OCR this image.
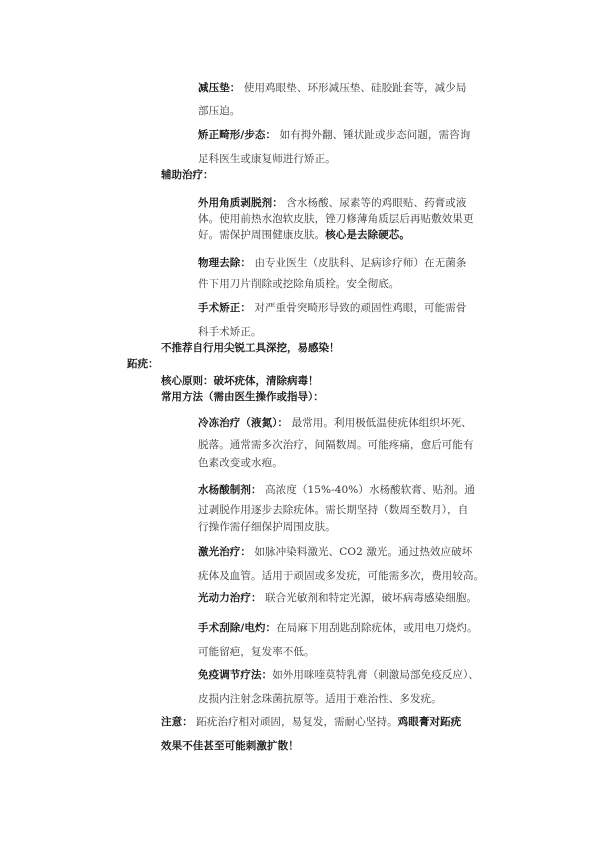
减压垫： 使用鸡眼垫、环形减压垫、硅胶趾套等，减少局
部压迫。
矫正畸形/步态： 如有拇外翻、锤状趾或步态问题，需咨询
足科医生或康复师进行矫正。
辅助治疗：
外用角质剥脱剂： 含水杨酸、尿素等的鸡眼贴、药膏或液
体。使用前热水泡软皮肤，锉刀修薄角质层后再贴敷效果更
好。需保护周围健康皮肤。核心是去除硬芯。
物理去除： 由专业医生（皮肤科、足病诊疗师）在无菌条
件下用刀片削除或挖除角质栓。安全彻底。
手术矫正： 对严重骨突畸形导致的顽固性鸡眼，可能需骨
科手术矫正。
不推荐自行用尖锐工具深挖，易感染！
跖疣：
核心原则：破坏疣体，清除病毒！
常用方法（需由医生操作或指导）：
冷冻治疗（液氮）： 最常用。利用极低温使疣体组织坏死、
脱落。通常需多次治疗，间隔数周。可能疼痛，愈后可能有
色素改变或水疱。
水杨酸制剂： 高浓度（15%-40%）水杨酸软膏、贴剂。通
过剥脱作用逐步去除疣体。需长期坚持（数周至数月），自
行操作需仔细保护周围皮肤。
激光治疗： 如脉冲染料激光、CO2 激光。通过热效应破坏
疣体及血管。适用于顽固或多发疣，可能需多次，费用较高。
光动力治疗： 联合光敏剂和特定光源，破坏病毒感染细胞。
手术刮除/电灼：在局麻下用刮匙刮除疣体，或用电刀烧灼。
可能留疤，复发率不低。
免疫调节疗法：如外用咪喹莫特乳膏（刺激局部免疫反应）、
皮损内注射念珠菌抗原等。适用于难治性、多发疣。
注意： 跖疣治疗相对顽固，易复发，需耐心坚持。鸡眼膏对跖疣
效果不佳甚至可能刺激扩散！
